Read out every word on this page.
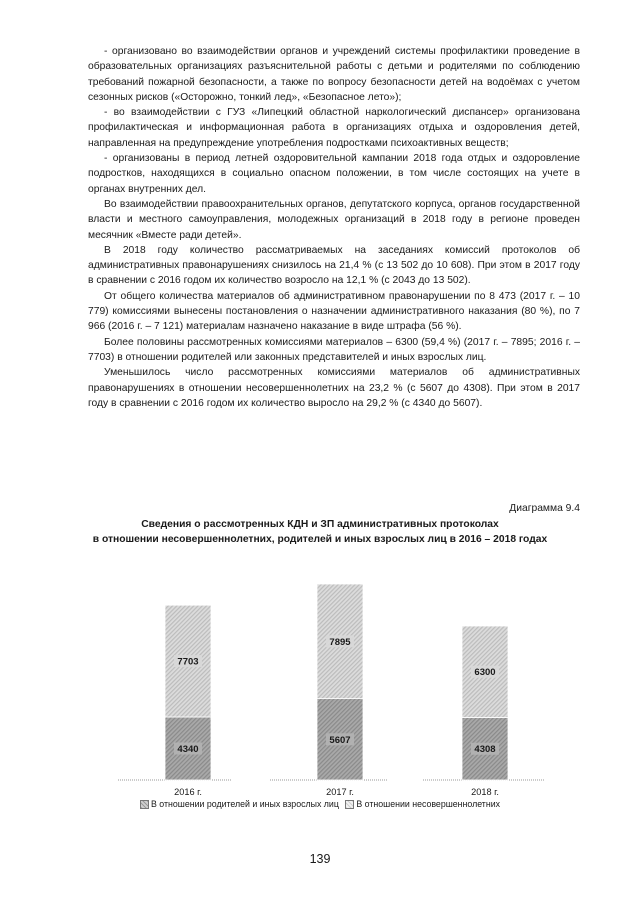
- организовано во взаимодействии органов и учреждений системы профилактики проведение в образовательных организациях разъяснительной работы с детьми и родителями по соблюдению требований пожарной безопасности, а также по вопросу безопасности детей на водоёмах с учетом сезонных рисков («Осторожно, тонкий лед», «Безопасное лето»);

- во взаимодействии с ГУЗ «Липецкий областной наркологический диспансер» организована профилактическая и информационная работа в организациях отдыха и оздоровления детей, направленная на предупреждение употребления подростками психоактивных веществ;

- организованы в период летней оздоровительной кампании 2018 года отдых и оздоровление подростков, находящихся в социально опасном положении, в том числе состоящих на учете в органах внутренних дел.

Во взаимодействии правоохранительных органов, депутатского корпуса, органов государственной власти и местного самоуправления, молодежных организаций в 2018 году в регионе проведен месячник «Вместе ради детей».

В 2018 году количество рассматриваемых на заседаниях комиссий протоколов об административных правонарушениях снизилось на 21,4 % (с 13 502 до 10 608). При этом в 2017 году в сравнении с 2016 годом их количество возросло на 12,1 % (с 2043 до 13 502).

От общего количества материалов об административном правонарушении по 8 473 (2017 г. – 10 779) комиссиями вынесены постановления о назначении административного наказания (80 %), по 7 966 (2016 г. – 7 121) материалам назначено наказание в виде штрафа (56 %).

Более половины рассмотренных комиссиями материалов – 6300 (59,4 %) (2017 г. – 7895; 2016 г. – 7703) в отношении родителей или законных представителей и иных взрослых лиц.

Уменьшилось число рассмотренных комиссиями материалов об административных правонарушениях в отношении несовершеннолетних на 23,2 % (с 5607 до 4308). При этом в 2017 году в сравнении с 2016 годом их количество выросло на 29,2 % (с 4340 до 5607).

Диаграмма 9.4
Сведения о рассмотренных КДН и ЗП административных протоколах
в отношении несовершеннолетних, родителей и иных взрослых лиц в 2016 – 2018 годах
4340
7703
2016 г.
5607
7895
2017 г.
4308
6300
2018 г.
В отношении родителей и иных взрослых лиц
В отношении несовершеннолетних
139
